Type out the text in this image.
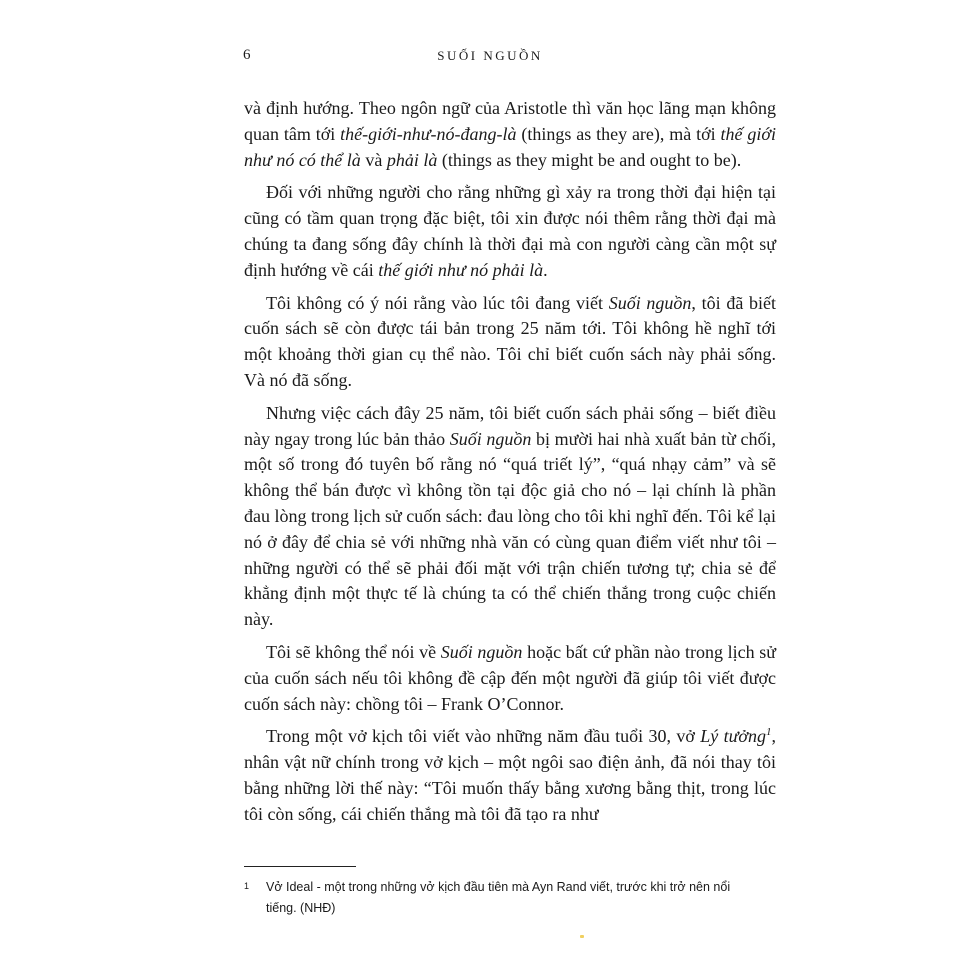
6	SUỐI NGUỒN

và định hướng. Theo ngôn ngữ của Aristotle thì văn học lãng mạn không quan tâm tới thế-giới-như-nó-đang-là (things as they are), mà tới thế giới như nó có thể là và phải là (things as they might be and ought to be).

Đối với những người cho rằng những gì xảy ra trong thời đại hiện tại cũng có tầm quan trọng đặc biệt, tôi xin được nói thêm rằng thời đại mà chúng ta đang sống đây chính là thời đại mà con người càng cần một sự định hướng về cái thế giới như nó phải là.

Tôi không có ý nói rằng vào lúc tôi đang viết Suối nguồn, tôi đã biết cuốn sách sẽ còn được tái bản trong 25 năm tới. Tôi không hề nghĩ tới một khoảng thời gian cụ thể nào. Tôi chỉ biết cuốn sách này phải sống. Và nó đã sống.

Nhưng việc cách đây 25 năm, tôi biết cuốn sách phải sống – biết điều này ngay trong lúc bản thảo Suối nguồn bị mười hai nhà xuất bản từ chối, một số trong đó tuyên bố rằng nó “quá triết lý”, “quá nhạy cảm” và sẽ không thể bán được vì không tồn tại độc giả cho nó – lại chính là phần đau lòng trong lịch sử cuốn sách: đau lòng cho tôi khi nghĩ đến. Tôi kể lại nó ở đây để chia sẻ với những nhà văn có cùng quan điểm viết như tôi – những người có thể sẽ phải đối mặt với trận chiến tương tự; chia sẻ để khẳng định một thực tế là chúng ta có thể chiến thắng trong cuộc chiến này.

Tôi sẽ không thể nói về Suối nguồn hoặc bất cứ phần nào trong lịch sử của cuốn sách nếu tôi không đề cập đến một người đã giúp tôi viết được cuốn sách này: chồng tôi – Frank O’Connor.

Trong một vở kịch tôi viết vào những năm đầu tuổi 30, vở Lý tưởng$^1$, nhân vật nữ chính trong vở kịch – một ngôi sao điện ảnh, đã nói thay tôi bằng những lời thế này: “Tôi muốn thấy bằng xương bằng thịt, trong lúc tôi còn sống, cái chiến thắng mà tôi đã tạo ra như

1	Vở Ideal - một trong những vở kịch đầu tiên mà Ayn Rand viết, trước khi trở nên nổi tiếng. (NHĐ)
